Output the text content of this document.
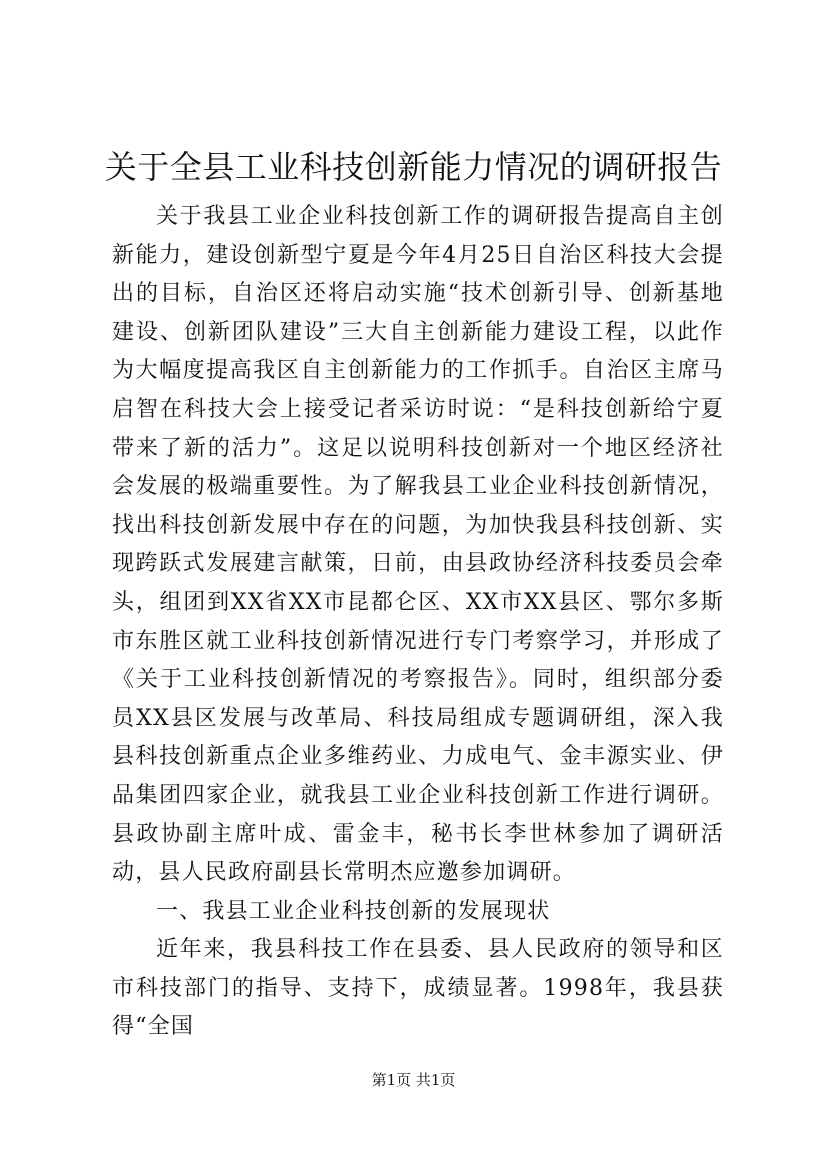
关于全县工业科技创新能力情况的调研报告

关于我县工业企业科技创新工作的调研报告提高自主创新能力，建设创新型宁夏是今年4月25日自治区科技大会提出的目标，自治区还将启动实施“技术创新引导、创新基地建设、创新团队建设”三大自主创新能力建设工程，以此作为大幅度提高我区自主创新能力的工作抓手。自治区主席马启智在科技大会上接受记者采访时说：“是科技创新给宁夏带来了新的活力”。这足以说明科技创新对一个地区经济社会发展的极端重要性。为了解我县工业企业科技创新情况，找出科技创新发展中存在的问题，为加快我县科技创新、实现跨跃式发展建言献策，日前，由县政协经济科技委员会牵头，组团到XX省XX市昆都仑区、XX市XX县区、鄂尔多斯市东胜区就工业科技创新情况进行专门考察学习，并形成了《关于工业科技创新情况的考察报告》。同时，组织部分委员XX县区发展与改革局、科技局组成专题调研组，深入我县科技创新重点企业多维药业、力成电气、金丰源实业、伊品集团四家企业，就我县工业企业科技创新工作进行调研。县政协副主席叶成、雷金丰，秘书长李世林参加了调研活动，县人民政府副县长常明杰应邀参加调研。

一、我县工业企业科技创新的发展现状

近年来，我县科技工作在县委、县人民政府的领导和区市科技部门的指导、支持下，成绩显著。1998年，我县获得“全国

第1页 共1页
